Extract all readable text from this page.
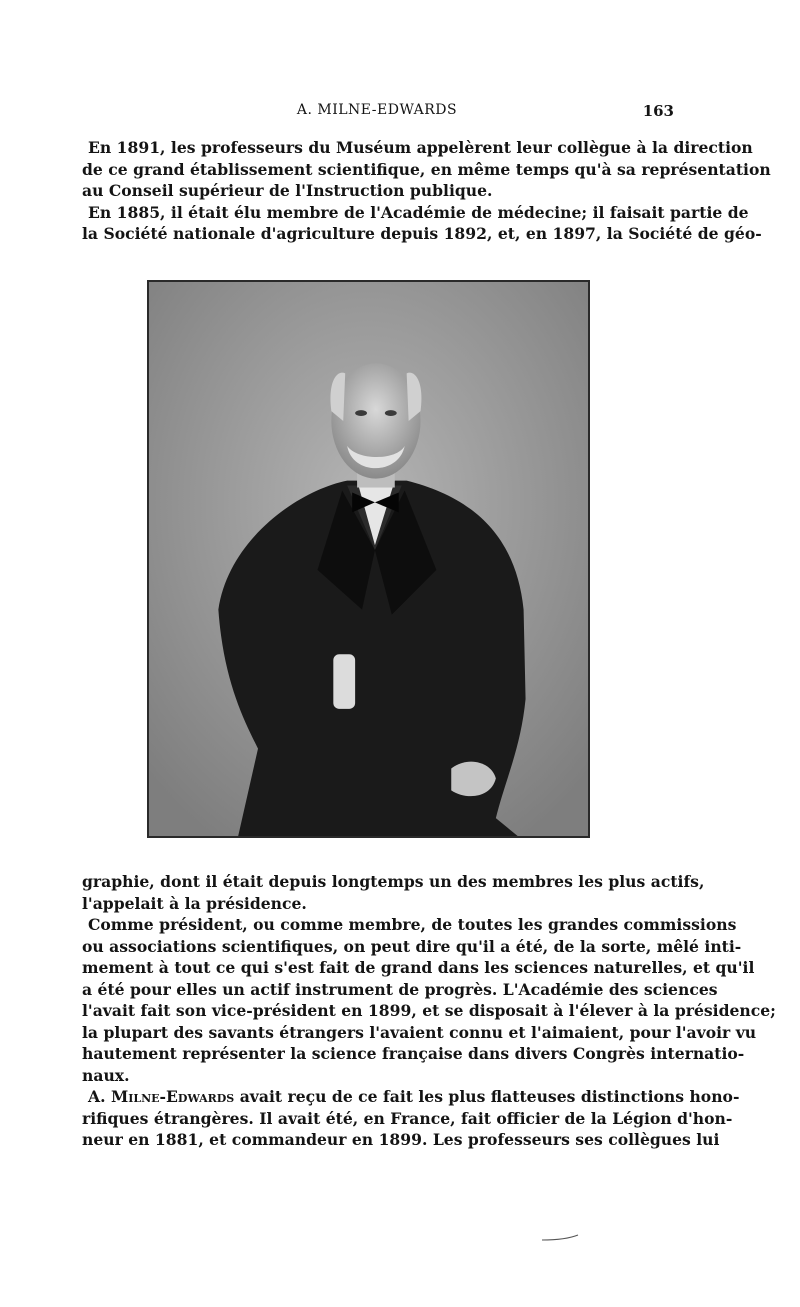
A. MILNE-EDWARDS	163
En 1891, les professeurs du Muséum appelèrent leur collègue à la direction
de ce grand établissement scientifique, en même temps qu'à sa représentation
au Conseil supérieur de l'Instruction publique.
En 1885, il était élu membre de l'Académie de médecine; il faisait partie de
la Société nationale d'agriculture depuis 1892, et, en 1897, la Société de géo-
graphie, dont il était depuis longtemps un des membres les plus actifs,
l'appelait à la présidence.
Comme président, ou comme membre, de toutes les grandes commissions
ou associations scientifiques, on peut dire qu'il a été, de la sorte, mêlé inti-
mement à tout ce qui s'est fait de grand dans les sciences naturelles, et qu'il
a été pour elles un actif instrument de progrès. L'Académie des sciences
l'avait fait son vice-président en 1899, et se disposait à l'élever à la présidence;
la plupart des savants étrangers l'avaient connu et l'aimaient, pour l'avoir vu
hautement représenter la science française dans divers Congrès internatio-
naux.
A. Milne-Edwards avait reçu de ce fait les plus flatteuses distinctions hono-
rifiques étrangères. Il avait été, en France, fait officier de la Légion d'hon-
neur en 1881, et commandeur en 1899. Les professeurs ses collègues lui
